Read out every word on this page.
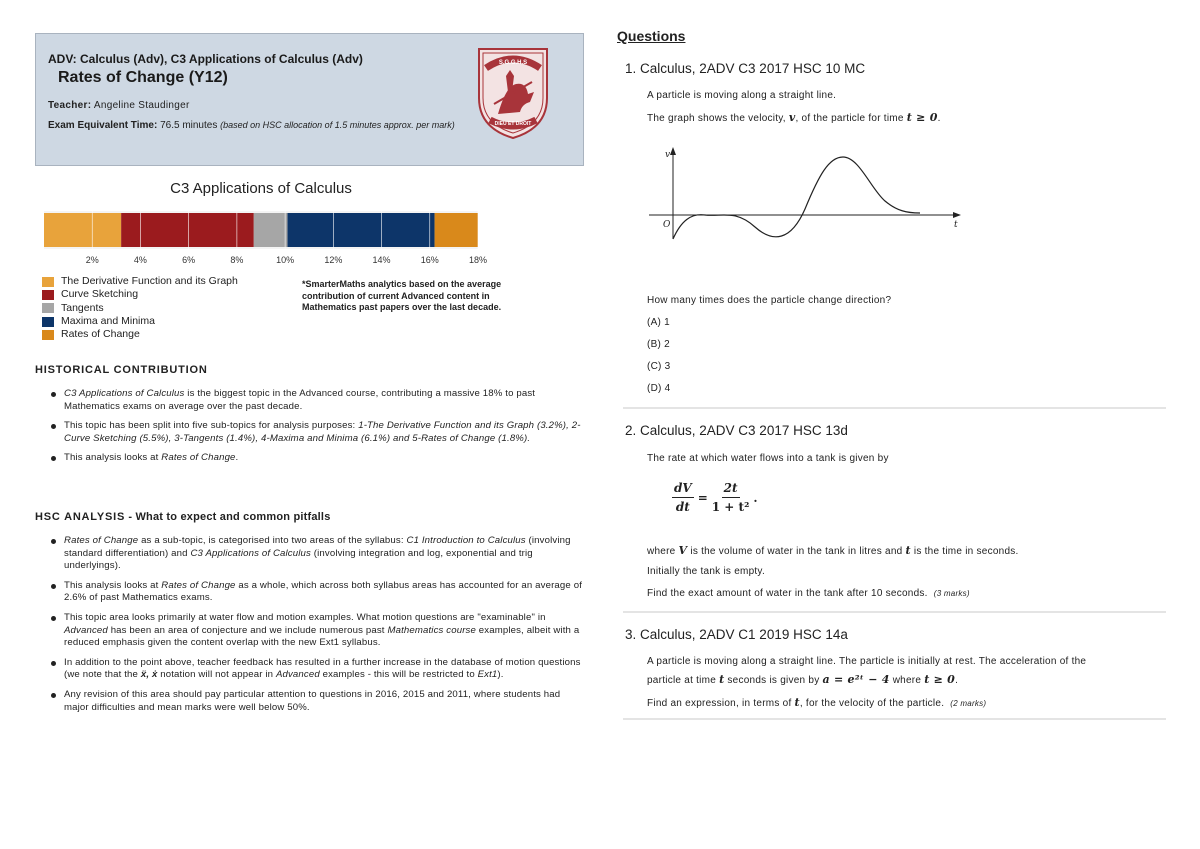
ADV: Calculus (Adv), C3 Applications of Calculus (Adv)
Rates of Change (Y12)
Teacher: Angeline Staudinger
Exam Equivalent Time: 76.5 minutes (based on HSC allocation of 1.5 minutes approx. per mark)
S.G.G.H.S
DIEU ET DROIT
C3 Applications of Calculus
2%	4%	6%	8%	10%	12%	14%	16%	18%
The Derivative Function and its Graph
Curve Sketching
Tangents
Maxima and Minima
Rates of Change
*SmarterMaths analytics based on the average contribution of current Advanced content in Mathematics past papers over the last decade.
HISTORICAL CONTRIBUTION
C3 Applications of Calculus is the biggest topic in the Advanced course, contributing a massive 18% to past Mathematics exams on average over the past decade.
This topic has been split into five sub-topics for analysis purposes: 1-The Derivative Function and its Graph (3.2%), 2-Curve Sketching (5.5%), 3-Tangents (1.4%), 4-Maxima and Minima (6.1%) and 5-Rates of Change (1.8%).
This analysis looks at Rates of Change.
HSC ANALYSIS - What to expect and common pitfalls
Rates of Change as a sub-topic, is categorised into two areas of the syllabus: C1 Introduction to Calculus (involving standard differentiation) and C3 Applications of Calculus (involving integration and log, exponential and trig underlyings).
This analysis looks at Rates of Change as a whole, which across both syllabus areas has accounted for an average of 2.6% of past Mathematics exams.
This topic area looks primarily at water flow and motion examples. What motion questions are "examinable" in Advanced has been an area of conjecture and we include numerous past Mathematics course examples, albeit with a reduced emphasis given the content overlap with the new Ext1 syllabus.
In addition to the point above, teacher feedback has resulted in a further increase in the database of motion questions (we note that the ẍ, ẋ notation will not appear in Advanced examples - this will be restricted to Ext1).
Any revision of this area should pay particular attention to questions in 2016, 2015 and 2011, where students had major difficulties and mean marks were well below 50%.
Questions
1. Calculus, 2ADV C3 2017 HSC 10 MC
A particle is moving along a straight line.
The graph shows the velocity, v, of the particle for time t ≥ 0.
v
O	t
How many times does the particle change direction?
(A) 1
(B) 2
(C) 3
(D) 4
2. Calculus, 2ADV C3 2017 HSC 13d
The rate at which water flows into a tank is given by
$\frac{dV}{dt} = \frac{2t}{\text{1 + t²}}$ .
where V is the volume of water in the tank in litres and t is the time in seconds.
Initially the tank is empty.
Find the exact amount of water in the tank after 10 seconds. (3 marks)
3. Calculus, 2ADV C1 2019 HSC 14a
A particle is moving along a straight line. The particle is initially at rest. The acceleration of the
particle at time t seconds is given by a = e²ᵗ − 4 where t ≥ 0.
Find an expression, in terms of t, for the velocity of the particle. (2 marks)
